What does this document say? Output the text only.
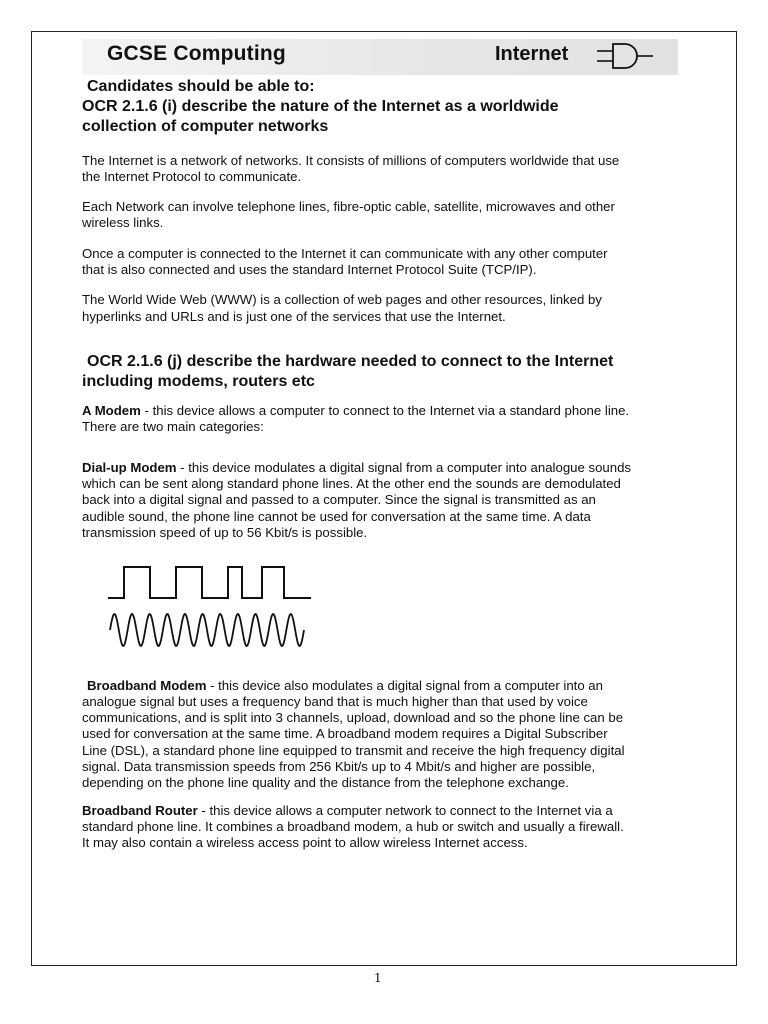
GCSE Computing	Internet
Candidates should be able to:
OCR 2.1.6 (i) describe the nature of the Internet as a worldwide
collection of computer networks
The Internet is a network of networks. It consists of millions of computers worldwide that use
the Internet Protocol to communicate.
Each Network can involve telephone lines, fibre-optic cable, satellite, microwaves and other
wireless links.
Once a computer is connected to the Internet it can communicate with any other computer
that is also connected and uses the standard Internet Protocol Suite (TCP/IP).
The World Wide Web (WWW) is a collection of web pages and other resources, linked by
hyperlinks and URLs and is just one of the services that use the Internet.
OCR 2.1.6 (j) describe the hardware needed to connect to the Internet
including modems, routers etc
A Modem - this device allows a computer to connect to the Internet via a standard phone line.
There are two main categories:
Dial-up Modem - this device modulates a digital signal from a computer into analogue sounds
which can be sent along standard phone lines. At the other end the sounds are demodulated
back into a digital signal and passed to a computer. Since the signal is transmitted as an
audible sound, the phone line cannot be used for conversation at the same time. A data
transmission speed of up to 56 Kbit/s is possible.
Broadband Modem - this device also modulates a digital signal from a computer into an
analogue signal but uses a frequency band that is much higher than that used by voice
communications, and is split into 3 channels, upload, download and so the phone line can be
used for conversation at the same time. A broadband modem requires a Digital Subscriber
Line (DSL), a standard phone line equipped to transmit and receive the high frequency digital
signal. Data transmission speeds from 256 Kbit/s up to 4 Mbit/s and higher are possible,
depending on the phone line quality and the distance from the telephone exchange.
Broadband Router - this device allows a computer network to connect to the Internet via a
standard phone line. It combines a broadband modem, a hub or switch and usually a firewall.
It may also contain a wireless access point to allow wireless Internet access.
1
